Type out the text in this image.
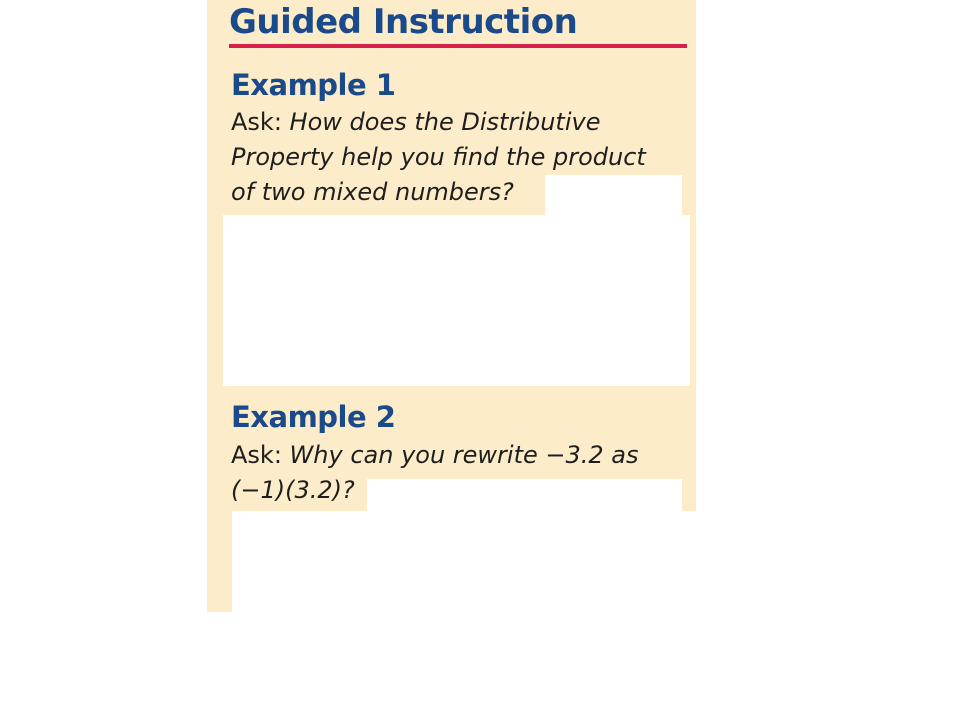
Guided Instruction
Example 1

Ask: How does the Distributive
Property help you find the product
of two mixed numbers?

Example 2

Ask: Why can you rewrite −3.2 as
(−1)(3.2)?
